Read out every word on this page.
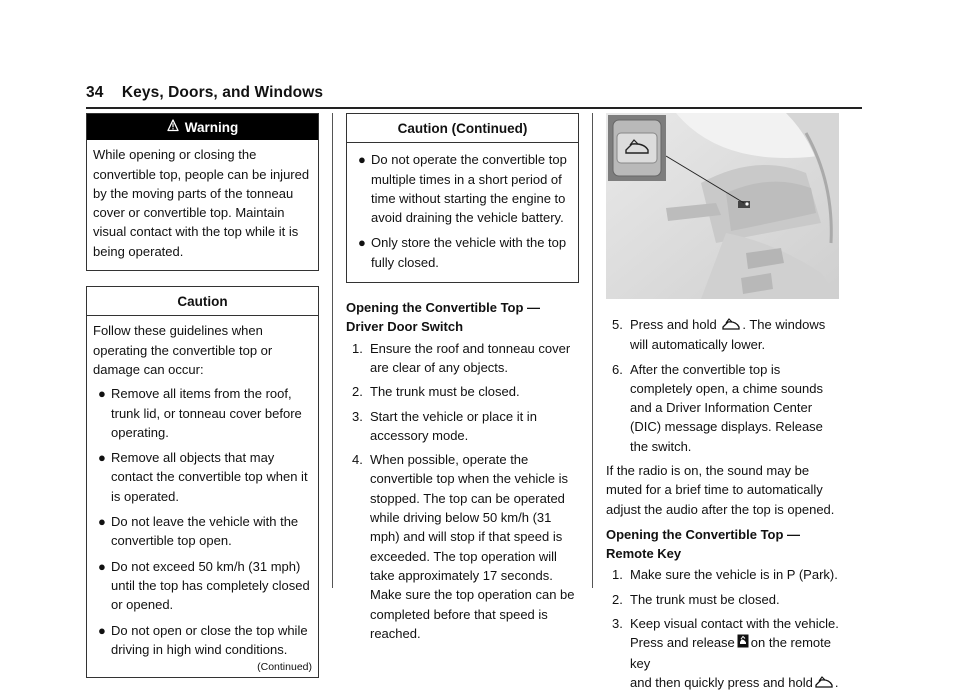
34 Keys, Doors, and Windows
Warning

While opening or closing the convertible top, people can be injured by the moving parts of the tonneau cover or convertible top. Maintain visual contact with the top while it is being operated.

Caution

Follow these guidelines when operating the convertible top or damage can occur:

● Remove all items from the roof, trunk lid, or tonneau cover before operating.
● Remove all objects that may contact the convertible top when it is operated.
● Do not leave the vehicle with the convertible top open.
● Do not exceed 50 km/h (31 mph) until the top has completely closed or opened.
● Do not open or close the top while driving in high wind conditions.
(Continued)
Caution (Continued)
● Do not operate the convertible top multiple times in a short period of time without starting the engine to avoid draining the vehicle battery.
● Only store the vehicle with the top fully closed.
Opening the Convertible Top — Driver Door Switch
1. Ensure the roof and tonneau cover are clear of any objects.
2. The trunk must be closed.
3. Start the vehicle or place it in accessory mode.
4. When possible, operate the convertible top when the vehicle is stopped. The top can be operated while driving below 50 km/h (31 mph) and will stop if that speed is exceeded. The top operation will take approximately 17 seconds. Make sure the top operation can be completed before that speed is reached.
5. Press and hold . The windows will automatically lower.
6. After the convertible top is completely open, a chime sounds and a Driver Information Center (DIC) message displays. Release the switch.

If the radio is on, the sound may be muted for a brief time to automatically adjust the audio after the top is opened.

Opening the Convertible Top — Remote Key
1. Make sure the vehicle is in P (Park).
2. The trunk must be closed.
3. Keep visual contact with the vehicle.
Press and release on the remote key
and then quickly press and hold .
